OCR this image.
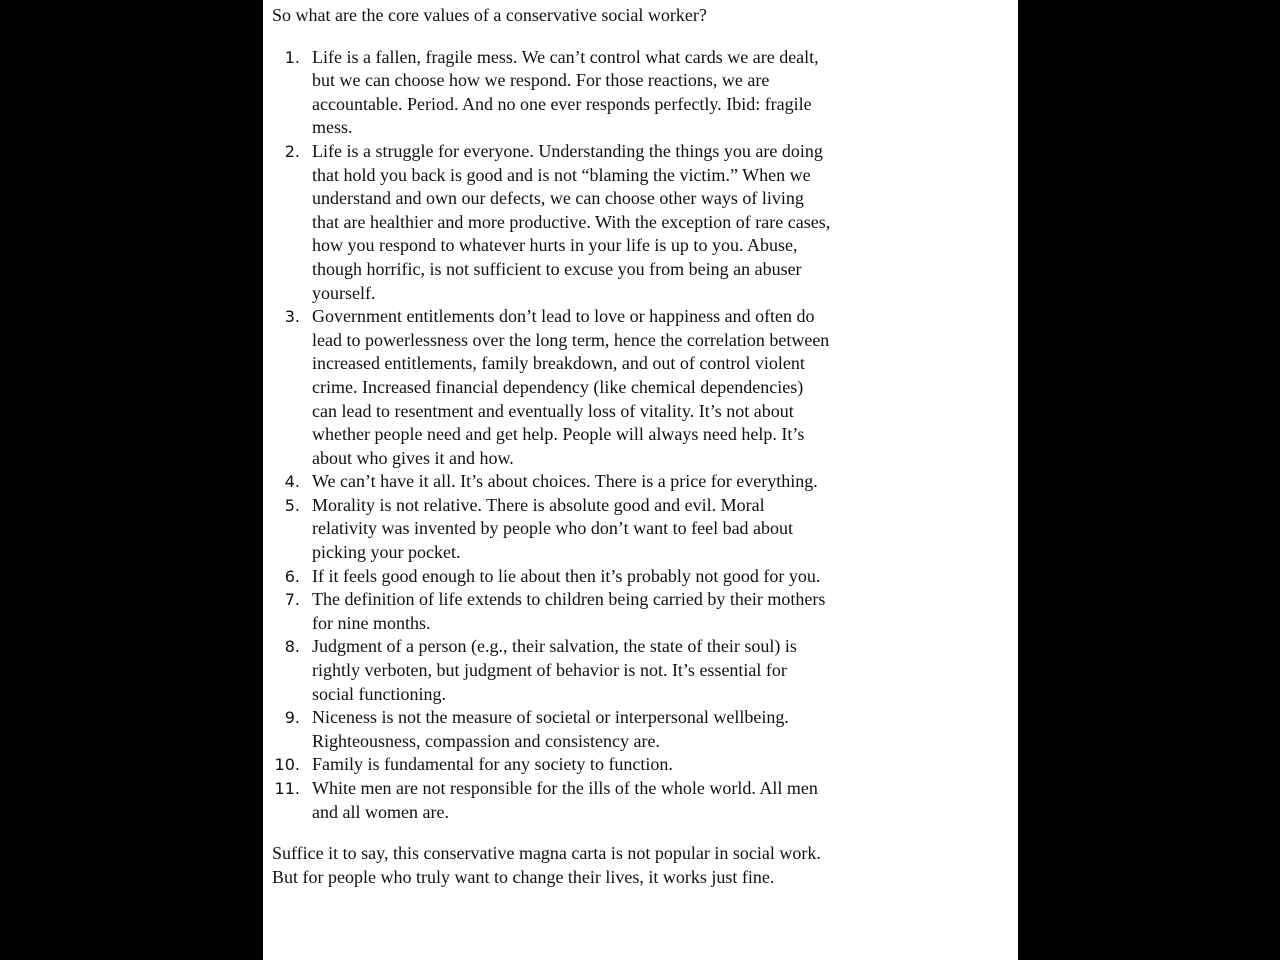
So what are the core values of a conservative social worker?

1. Life is a fallen, fragile mess. We can’t control what cards we are dealt, but we can choose how we respond. For those reactions, we are accountable. Period. And no one ever responds perfectly. Ibid: fragile mess.
2. Life is a struggle for everyone. Understanding the things you are doing that hold you back is good and is not “blaming the victim.” When we understand and own our defects, we can choose other ways of living that are healthier and more productive. With the exception of rare cases, how you respond to whatever hurts in your life is up to you. Abuse, though horrific, is not sufficient to excuse you from being an abuser yourself.
3. Government entitlements don’t lead to love or happiness and often do lead to powerlessness over the long term, hence the correlation between increased entitlements, family breakdown, and out of control violent crime. Increased financial dependency (like chemical dependencies) can lead to resentment and eventually loss of vitality. It’s not about whether people need and get help. People will always need help. It’s about who gives it and how.
4. We can’t have it all. It’s about choices. There is a price for everything.
5. Morality is not relative. There is absolute good and evil. Moral relativity was invented by people who don’t want to feel bad about picking your pocket.
6. If it feels good enough to lie about then it’s probably not good for you.
7. The definition of life extends to children being carried by their mothers for nine months.
8. Judgment of a person (e.g., their salvation, the state of their soul) is rightly verboten, but judgment of behavior is not. It’s essential for social functioning.
9. Niceness is not the measure of societal or interpersonal wellbeing. Righteousness, compassion and consistency are.
10. Family is fundamental for any society to function.
11. White men are not responsible for the ills of the whole world. All men and all women are.

Suffice it to say, this conservative magna carta is not popular in social work. But for people who truly want to change their lives, it works just fine.
